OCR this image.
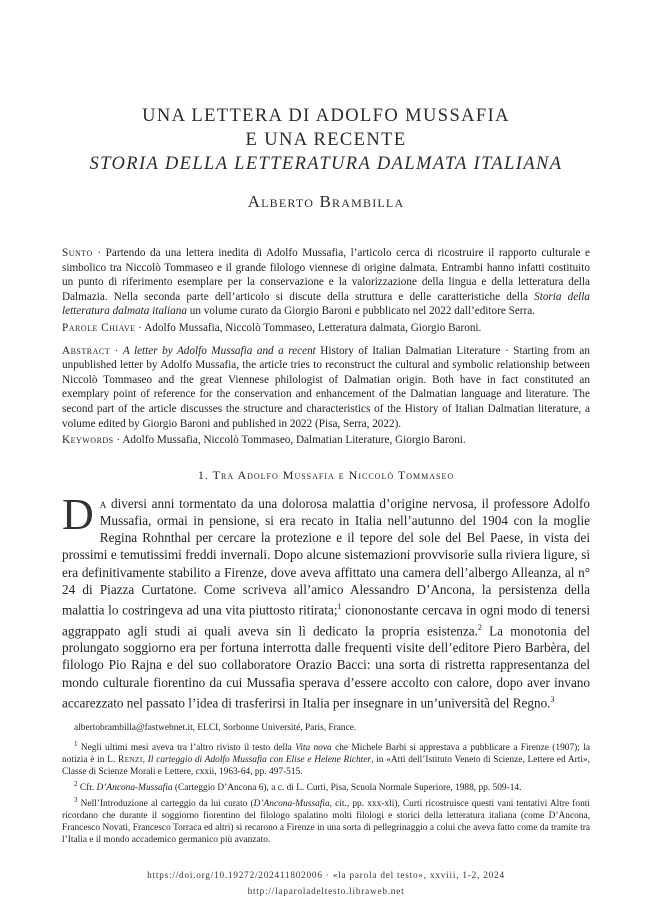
UNA LETTERA DI ADOLFO MUSSAFIA
E UNA RECENTE
STORIA DELLA LETTERATURA DALMATA ITALIANA
Alberto Brambilla

Sunto · Partendo da una lettera inedita di Adolfo Mussafia, l’articolo cerca di ricostruire il rapporto culturale e simbolico tra Niccolò Tommaseo e il grande filologo viennese di origine dalmata. Entrambi hanno infatti costituito un punto di riferimento esemplare per la conservazione e la valorizzazione della lingua e della letteratura della Dalmazia. Nella seconda parte dell’articolo si discute della struttura e delle caratteristiche della Storia della letteratura dalmata italiana un volume curato da Giorgio Baroni e pubblicato nel 2022 dall’editore Serra.

Parole Chiave · Adolfo Mussafia, Niccolò Tommaseo, Letteratura dalmata, Giorgio Baroni.

Abstract · A letter by Adolfo Mussafia and a recent History of Italian Dalmatian Literature · Starting from an unpublished letter by Adolfo Mussafia, the article tries to reconstruct the cultural and symbolic relationship between Niccolò Tommaseo and the great Viennese philologist of Dalmatian origin. Both have in fact constituted an exemplary point of reference for the conservation and enhancement of the Dalmatian language and literature. The second part of the article discusses the structure and characteristics of the History of Italian Dalmatian literature, a volume edited by Giorgio Baroni and published in 2022 (Pisa, Serra, 2022).

Keywords · Adolfo Mussafia, Niccolò Tommaseo, Dalmatian Literature, Giorgio Baroni.

1. Tra Adolfo Mussafia e Niccolò Tommaseo
Da diversi anni tormentato da una dolorosa malattia d’origine nervosa, il professore Adolfo Mussafia, ormai in pensione, si era recato in Italia nell’autunno del 1904 con la moglie Regina Rohnthal per cercare la protezione e il tepore del sole del Bel Paese, in vista dei prossimi e temutissimi freddi invernali. Dopo alcune sistemazioni provvisorie sulla riviera ligure, si era definitivamente stabilito a Firenze, dove aveva affittato una camera dell’albergo Alleanza, al n° 24 di Piazza Curtatone. Come scriveva all’amico Alessandro D’Ancona, la persistenza della malattia lo costringeva ad una vita piuttosto ritirata;$^1$ ciononostante cercava in ogni modo di tenersi aggrappato agli studi ai quali aveva sin lì dedicato la propria esistenza.$^2$ La monotonia del prolungato soggiorno era per fortuna interrotta dalle frequenti visite dell’editore Piero Barbèra, del filologo Pio Rajna e del suo collaboratore Orazio Bacci: una sorta di ristretta rappresentanza del mondo culturale fiorentino da cui Mussafia sperava d’essere accolto con calore, dopo aver invano accarezzato nel passato l’idea di trasferirsi in Italia per insegnare in un’università del Regno.$^3$

albertobrambilla@fastwebnet.it, ELCI, Sorbonne Université, Paris, France.

$^1$ Negli ultimi mesi aveva tra l’altro rivisto il testo della Vita nova che Michele Barbi si apprestava a pubblicare a Firenze (1907); la notizia è in L. Renzi, Il carteggio di Adolfo Mussafia con Elise e Helene Richter, in «Atti dell’Istituto Veneto di Scienze, Lettere ed Arti», Classe di Scienze Morali e Lettere, cxxii, 1963-64, pp. 497-515.

$^2$ Cfr. D’Ancona-Mussafia (Carteggio D’Ancona 6), a c. di L. Curti, Pisa, Scuola Normale Superiore, 1988, pp. 509-14.

$^3$ Nell’Introduzione al carteggio da lui curato (D’Ancona-Mussafia, cit., pp. xxx-xli), Curti ricostruisce questi vani tentativi Altre fonti ricordano che durante il soggiorno fiorentino del filologo spalatino molti filologi e storici della letteratura italiana (come D’Ancona, Francesco Novati, Francesco Torraca ed altri) si recarono a Firenze in una sorta di pellegrinaggio a colui che aveva fatto come da tramite tra l’Italia e il mondo accademico germanico più avanzato.

https://doi.org/10.19272/202411802006 · «la parola del testo», xxviii, 1-2, 2024
http://laparoladeltesto.libraweb.net
